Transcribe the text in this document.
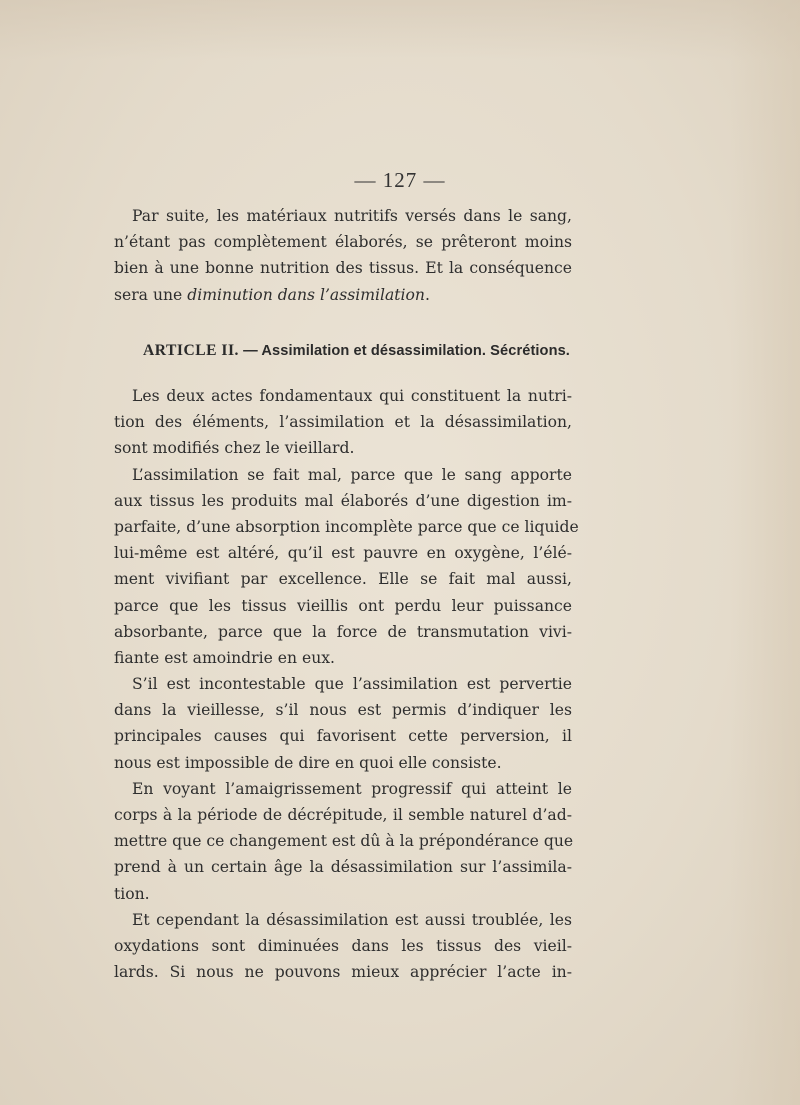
— 127 —
Par suite, les matériaux nutritifs versés dans le sang,
n’étant pas complètement élaborés, se prêteront moins
bien à une bonne nutrition des tissus. Et la conséquence
sera une diminution dans l’assimilation.
ARTICLE II. — Assimilation et désassimilation. Sécrétions.
Les deux actes fondamentaux qui constituent la nutri-
tion des éléments, l’assimilation et la désassimilation,
sont modifiés chez le vieillard.
L’assimilation se fait mal, parce que le sang apporte
aux tissus les produits mal élaborés d’une digestion im-
parfaite, d’une absorption incomplète parce que ce liquide
lui-même est altéré, qu’il est pauvre en oxygène, l’élé-
ment vivifiant par excellence. Elle se fait mal aussi,
parce que les tissus vieillis ont perdu leur puissance
absorbante, parce que la force de transmutation vivi-
fiante est amoindrie en eux.
S’il est incontestable que l’assimilation est pervertie
dans la vieillesse, s’il nous est permis d’indiquer les
principales causes qui favorisent cette perversion, il
nous est impossible de dire en quoi elle consiste.
En voyant l’amaigrissement progressif qui atteint le
corps à la période de décrépitude, il semble naturel d’ad-
mettre que ce changement est dû à la prépondérance que
prend à un certain âge la désassimilation sur l’assimila-
tion.
Et cependant la désassimilation est aussi troublée, les
oxydations sont diminuées dans les tissus des vieil-
lards. Si nous ne pouvons mieux apprécier l’acte in-
